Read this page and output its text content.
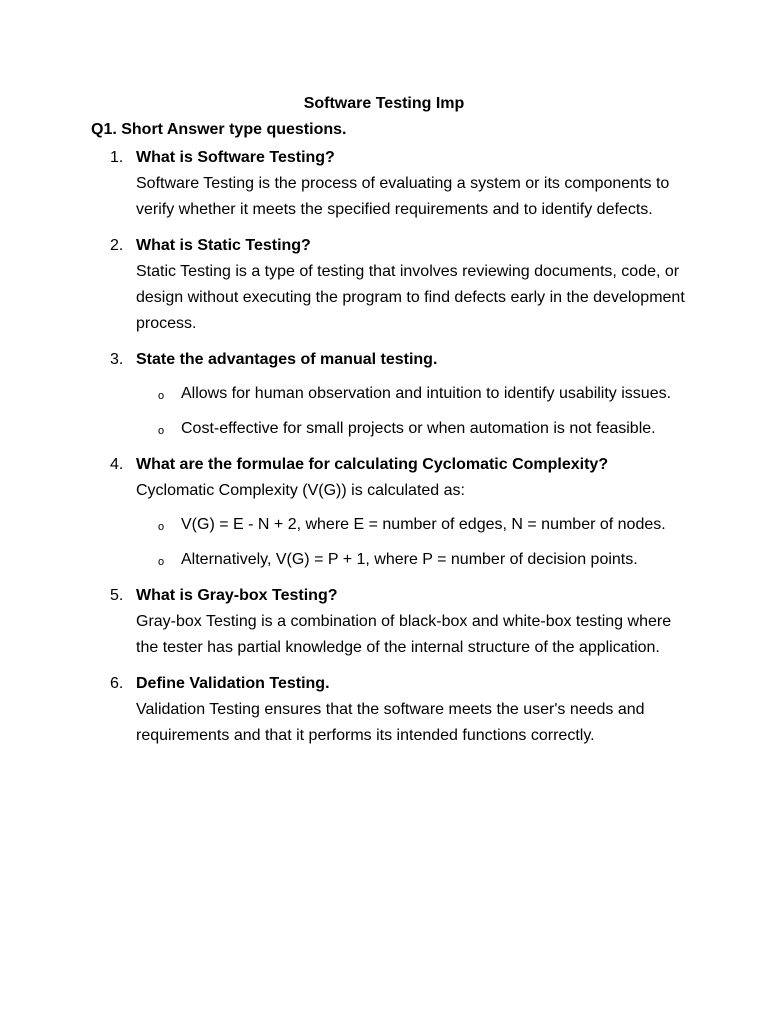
Software Testing Imp
Q1. Short Answer type questions.
1. What is Software Testing?
Software Testing is the process of evaluating a system or its components to verify whether it meets the specified requirements and to identify defects.
2. What is Static Testing?
Static Testing is a type of testing that involves reviewing documents, code, or design without executing the program to find defects early in the development process.
3. State the advantages of manual testing.
o Allows for human observation and intuition to identify usability issues.
o Cost-effective for small projects or when automation is not feasible.
4. What are the formulae for calculating Cyclomatic Complexity?
Cyclomatic Complexity (V(G)) is calculated as:
o V(G) = E - N + 2, where E = number of edges, N = number of nodes.
o Alternatively, V(G) = P + 1, where P = number of decision points.
5. What is Gray-box Testing?
Gray-box Testing is a combination of black-box and white-box testing where the tester has partial knowledge of the internal structure of the application.
6. Define Validation Testing.
Validation Testing ensures that the software meets the user's needs and requirements and that it performs its intended functions correctly.
